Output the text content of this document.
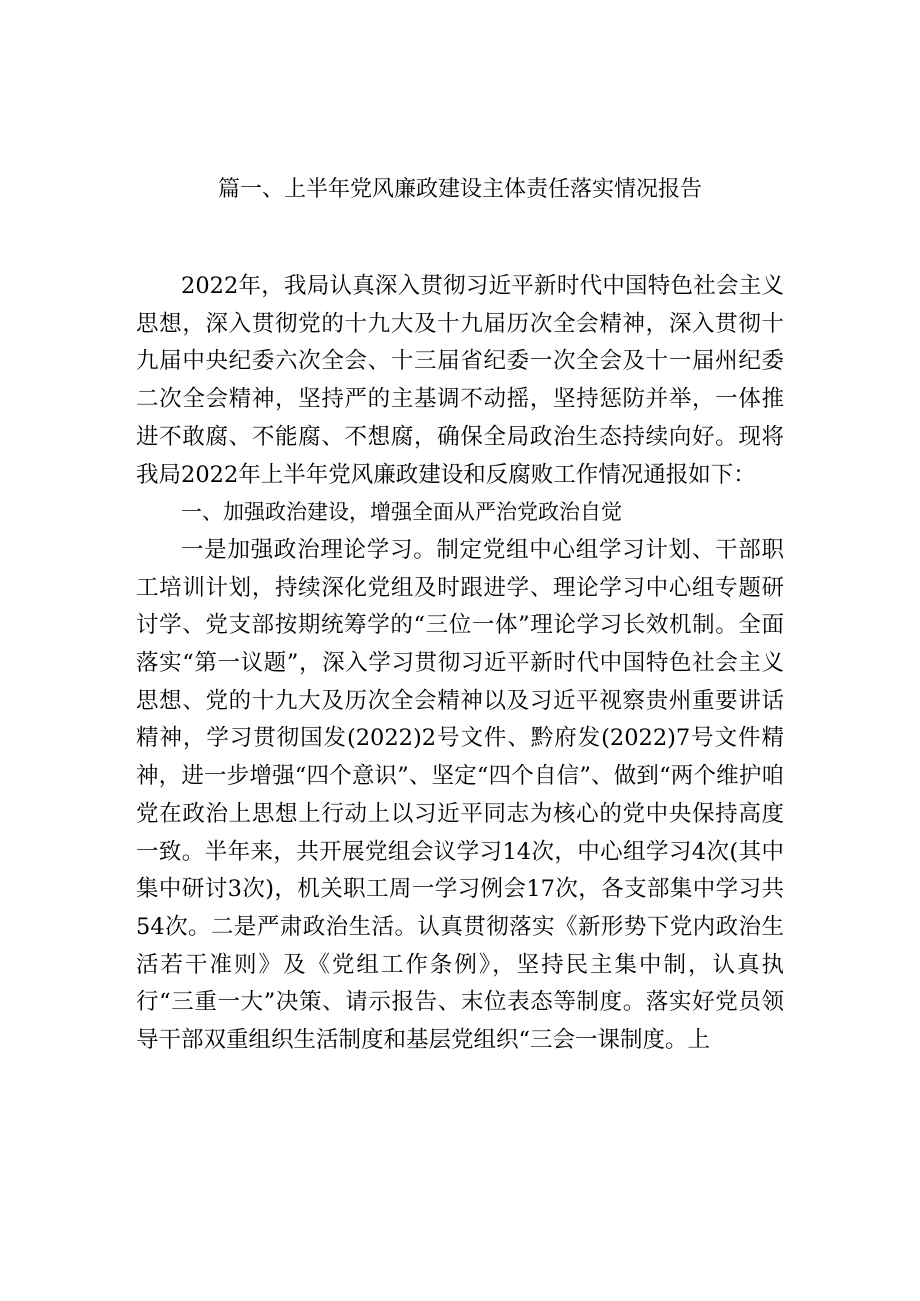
篇一、上半年党风廉政建设主体责任落实情况报告

2022年，我局认真深入贯彻习近平新时代中国特色社会主义思想，深入贯彻党的十九大及十九届历次全会精神，深入贯彻十九届中央纪委六次全会、十三届省纪委一次全会及十一届州纪委二次全会精神，坚持严的主基调不动摇，坚持惩防并举，一体推进不敢腐、不能腐、不想腐，确保全局政治生态持续向好。现将我局2022年上半年党风廉政建设和反腐败工作情况通报如下：

一、加强政治建设，增强全面从严治党政治自觉

一是加强政治理论学习。制定党组中心组学习计划、干部职工培训计划，持续深化党组及时跟进学、理论学习中心组专题研讨学、党支部按期统筹学的“三位一体”理论学习长效机制。全面落实“第一议题”，深入学习贯彻习近平新时代中国特色社会主义思想、党的十九大及历次全会精神以及习近平视察贵州重要讲话精神，学习贯彻国发(2022)2号文件、黔府发(2022)7号文件精神，进一步增强“四个意识”、坚定“四个自信”、做到“两个维护咱党在政治上思想上行动上以习近平同志为核心的党中央保持高度一致。半年来，共开展党组会议学习14次，中心组学习4次(其中集中研讨3次)，机关职工周一学习例会17次，各支部集中学习共54次。二是严肃政治生活。认真贯彻落实《新形势下党内政治生活若干准则》及《党组工作条例》，坚持民主集中制，认真执行“三重一大”决策、请示报告、末位表态等制度。落实好党员领导干部双重组织生活制度和基层党组织“三会一课制度。上
